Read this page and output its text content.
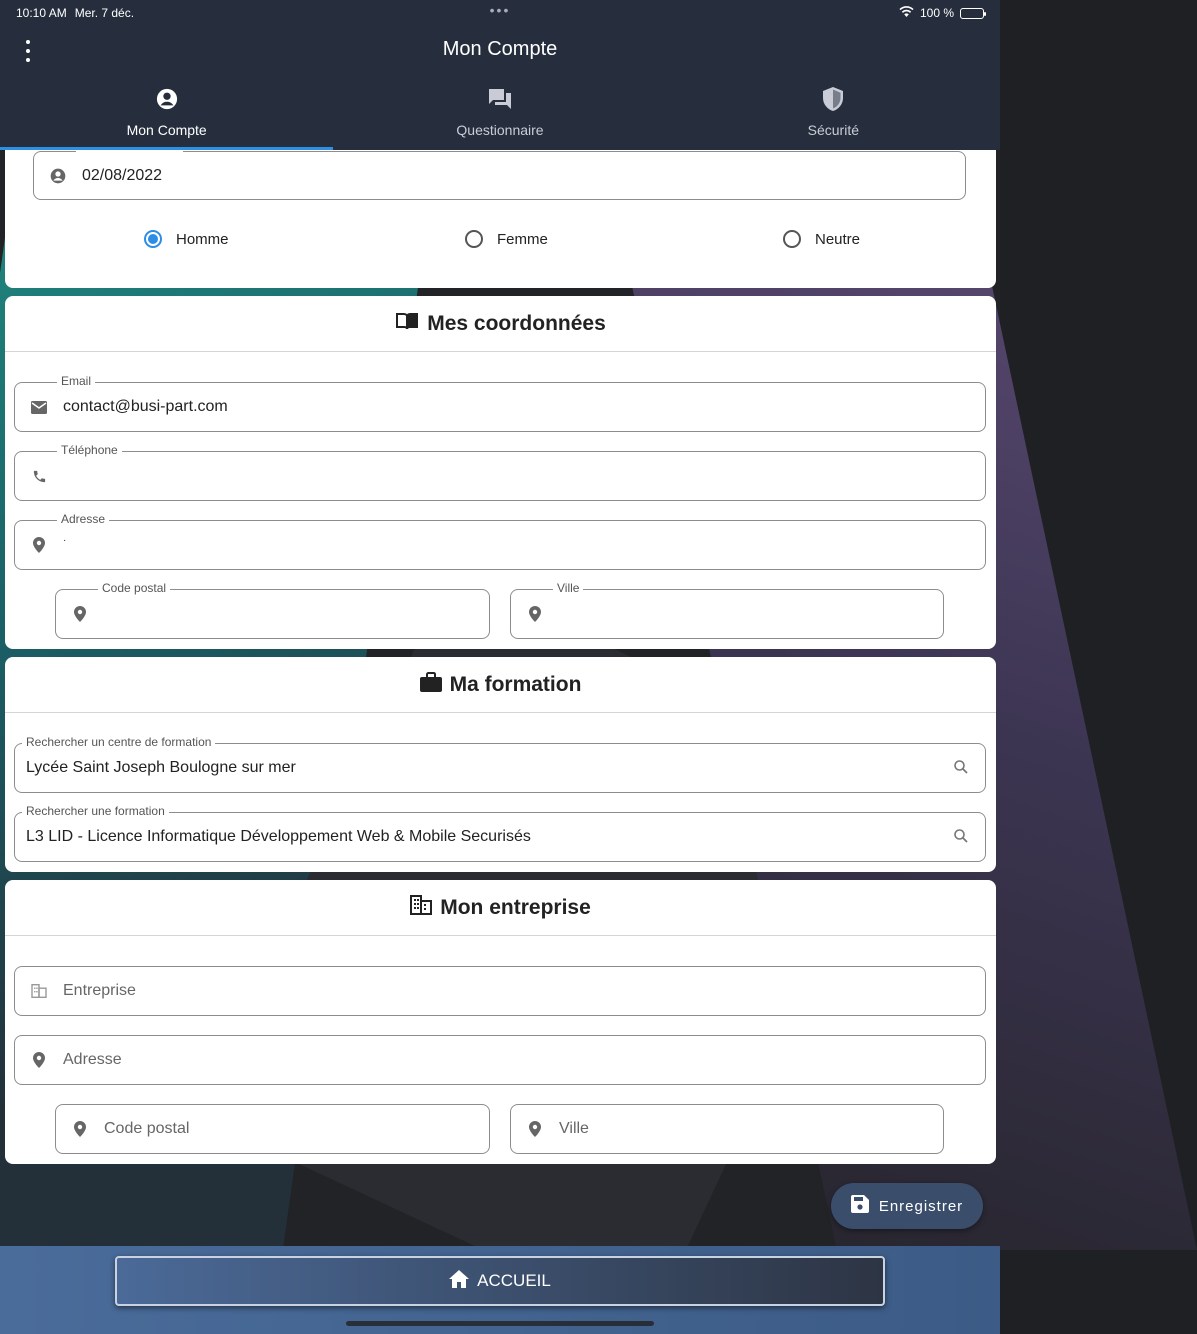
02/08/2022
Homme	Femme	Neutre
Mes coordonnées
Email
contact@busi-part.com
Téléphone
Adresse
·
Code postal	Ville
Ma formation
Rechercher un centre de formation
Lycée Saint Joseph Boulogne sur mer
Rechercher une formation
L3 LID - Licence Informatique Développement Web & Mobile Securisés
Mon entreprise
Entreprise
Adresse
Code postal	Ville
10:10 AM Mer. 7 déc.	•••	100 %
Mon Compte
Mon Compte	Questionnaire	Sécurité
Enregistrer
ACCUEIL
